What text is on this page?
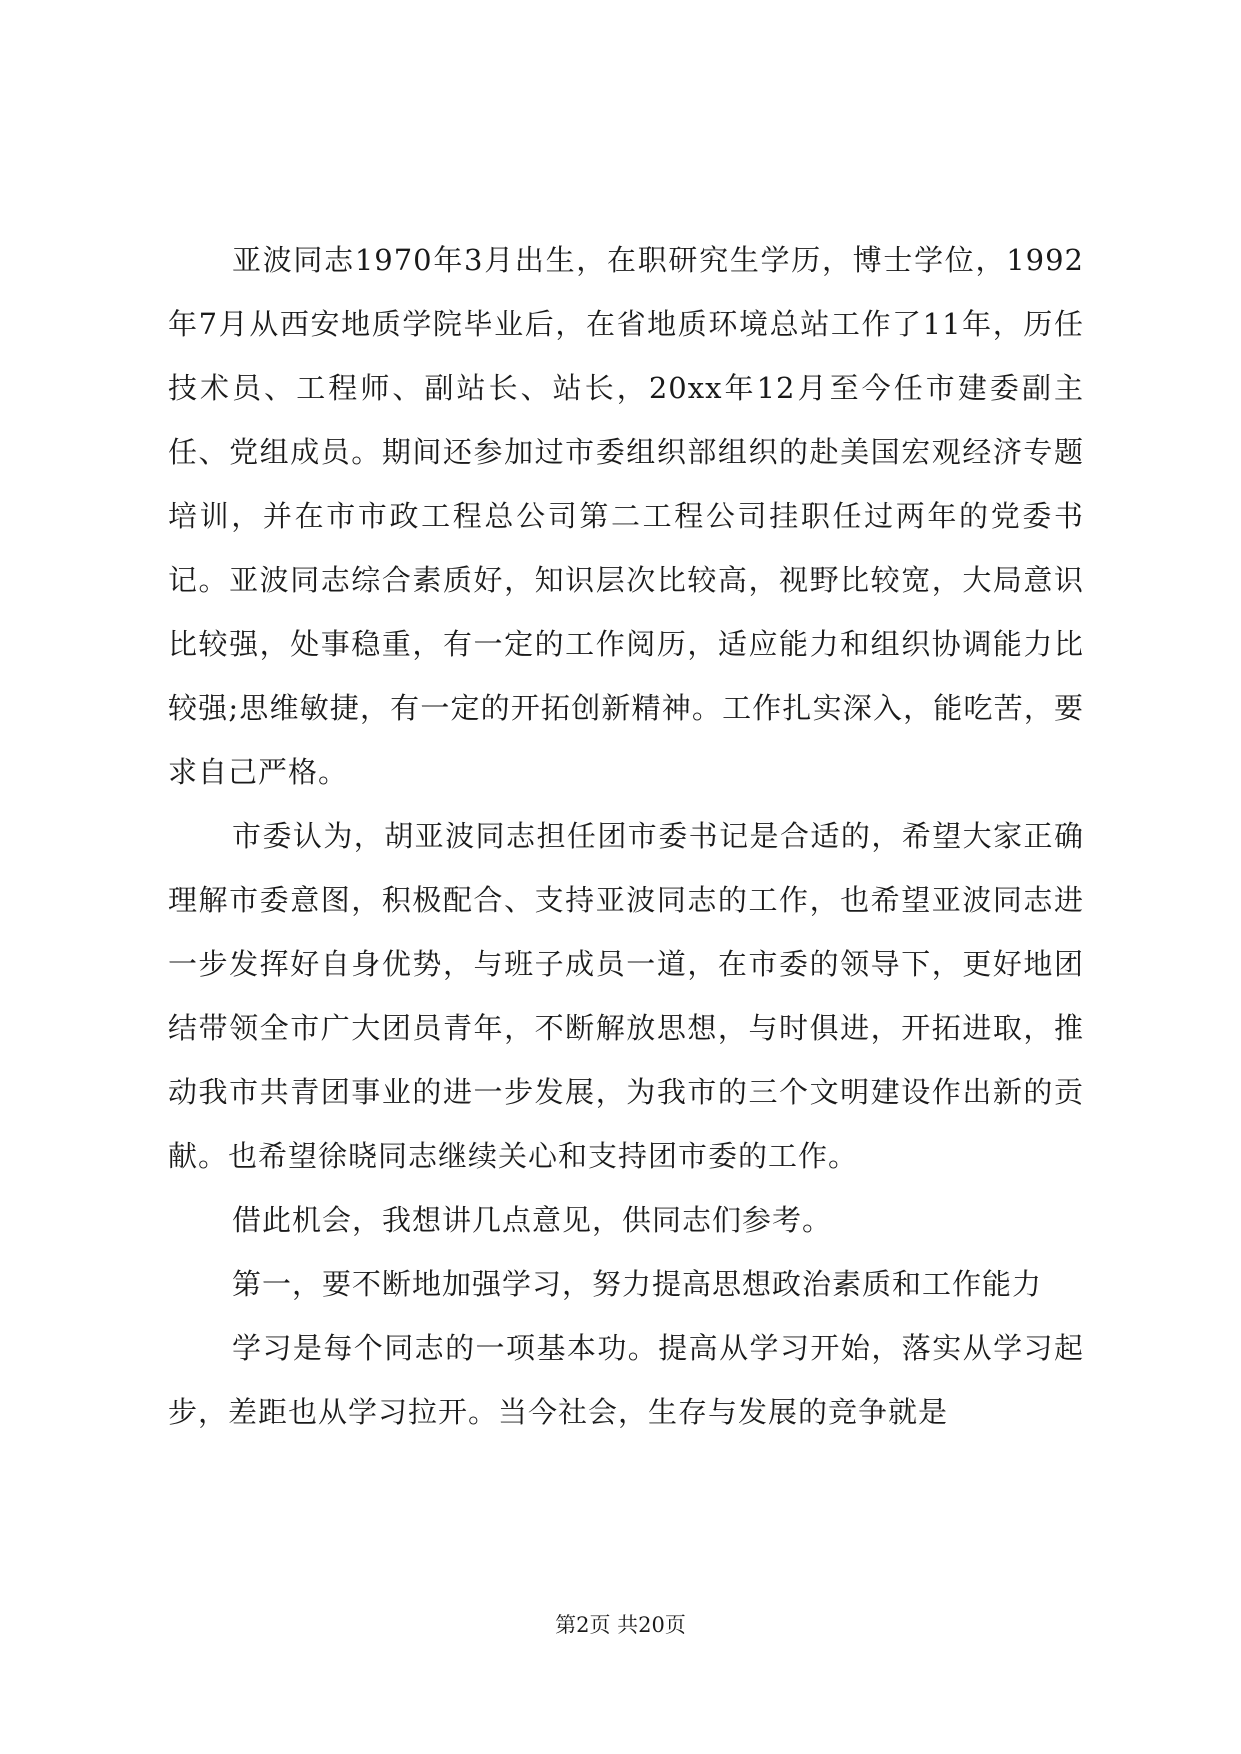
亚波同志1970年3月出生，在职研究生学历，博士学位，1992年7月从西安地质学院毕业后，在省地质环境总站工作了11年，历任技术员、工程师、副站长、站长，20xx年12月至今任市建委副主任、党组成员。期间还参加过市委组织部组织的赴美国宏观经济专题培训，并在市市政工程总公司第二工程公司挂职任过两年的党委书记。亚波同志综合素质好，知识层次比较高，视野比较宽，大局意识比较强，处事稳重，有一定的工作阅历，适应能力和组织协调能力比较强;思维敏捷，有一定的开拓创新精神。工作扎实深入，能吃苦，要求自己严格。

市委认为，胡亚波同志担任团市委书记是合适的，希望大家正确理解市委意图，积极配合、支持亚波同志的工作，也希望亚波同志进一步发挥好自身优势，与班子成员一道，在市委的领导下，更好地团结带领全市广大团员青年，不断解放思想，与时俱进，开拓进取，推动我市共青团事业的进一步发展，为我市的三个文明建设作出新的贡献。也希望徐晓同志继续关心和支持团市委的工作。

借此机会，我想讲几点意见，供同志们参考。

第一，要不断地加强学习，努力提高思想政治素质和工作能力

学习是每个同志的一项基本功。提高从学习开始，落实从学习起步，差距也从学习拉开。当今社会，生存与发展的竞争就是

第2页 共20页
